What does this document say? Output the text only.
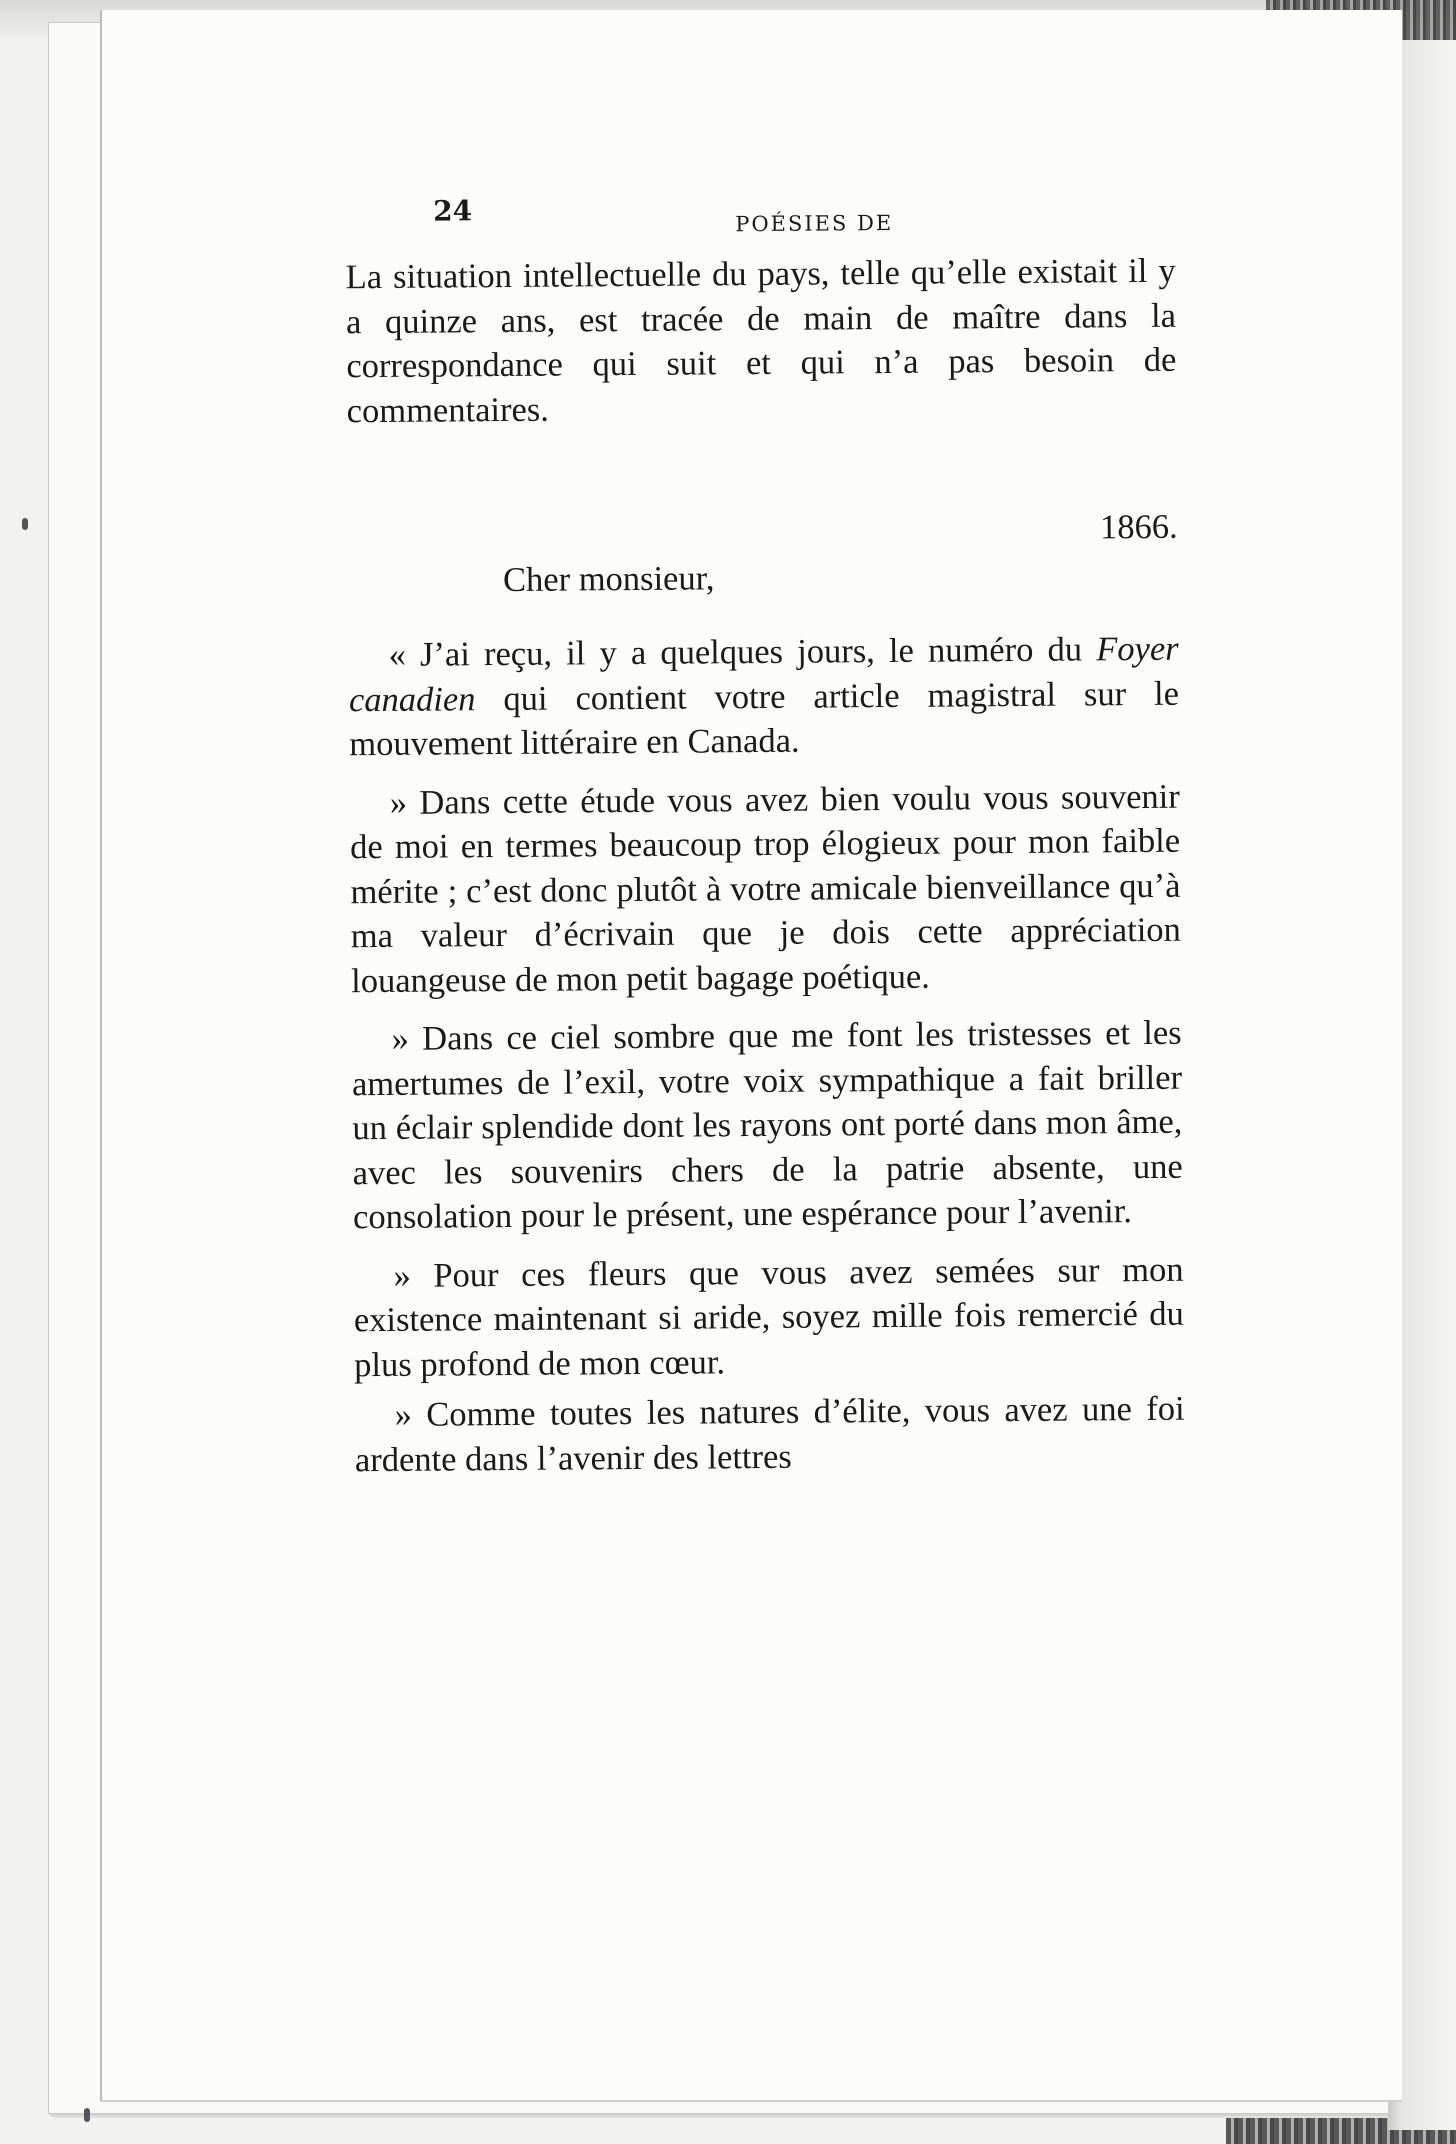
24	POÉSIES DE

La situation intellectuelle du pays, telle qu’elle existait il y a quinze ans, est tracée de main de maître dans la correspondance qui suit et qui n’a pas besoin de commentaires.

1866.
Cher monsieur,

« J’ai reçu, il y a quelques jours, le numéro du Foyer canadien qui contient votre article magistral sur le mouvement littéraire en Canada.

» Dans cette étude vous avez bien voulu vous souvenir de moi en termes beaucoup trop élogieux pour mon faible mérite ; c’est donc plutôt à votre amicale bienveillance qu’à ma valeur d’écrivain que je dois cette appréciation louangeuse de mon petit bagage poétique.

» Dans ce ciel sombre que me font les tristesses et les amertumes de l’exil, votre voix sympathique a fait briller un éclair splendide dont les rayons ont porté dans mon âme, avec les souvenirs chers de la patrie absente, une consolation pour le présent, une espérance pour l’avenir.

» Pour ces fleurs que vous avez semées sur mon existence maintenant si aride, soyez mille fois remercié du plus profond de mon cœur.

» Comme toutes les natures d’élite, vous avez une foi ardente dans l’avenir des lettres
